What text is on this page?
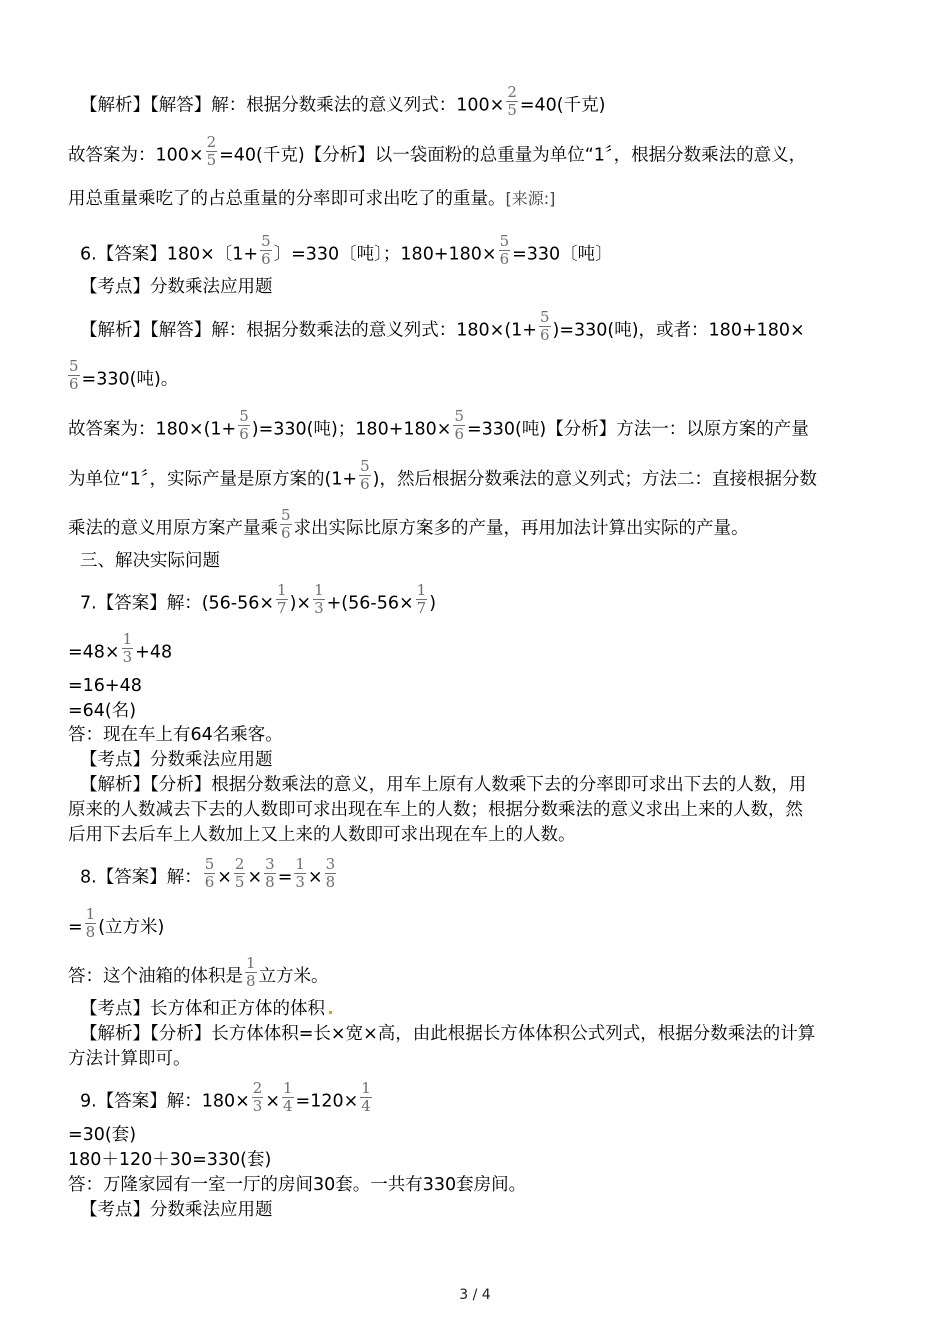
【解析】【解答】解：根据分数乘法的意义列式：$100\times \frac{2}{5} =40$(千克)
故答案为：$100\times \frac{2}{5} =40$(千克)【分析】以一袋面粉的总重量为单位“1〞，根据分数乘法的意义，
用总重量乘吃了的占总重量的分率即可求出吃了的重量。[来源:]
6.【答案】180×〔$1+ \frac{5}{6}$ 〕=330〔吨〕；$180+180\times \frac{5}{6} =330$〔吨〕
【考点】分数乘法应用题
【解析】【解答】解：根据分数乘法的意义列式：$180\times(1+ \frac{5}{6} )=330$(吨)，或者：180+180×
$\frac{5}{6} =330$(吨)。
故答案为：$180\times(1+ \frac{5}{6} )=330$(吨)；$180+180\times \frac{5}{6} =330$(吨)【分析】方法一：以原方案的产量
为单位“1〞，实际产量是原方案的($1+ \frac{5}{6}$ )，然后根据分数乘法的意义列式；方法二：直接根据分数
乘法的意义用原方案产量乘 $\frac{5}{6}$ 求出实际比原方案多的产量，再用加法计算出实际的产量。
三、解决实际问题
7.【答案】解：($56-56\times \frac{1}{7}$ )× $\frac{1}{3} +(56-56\times \frac{1}{7}$ )
$=48\times \frac{1}{3} +48$
=16+48
=64(名)
答：现在车上有64名乘客。
【考点】分数乘法应用题
【解析】【分析】根据分数乘法的意义，用车上原有人数乘下去的分率即可求出下去的人数，用
原来的人数减去下去的人数即可求出现在车上的人数；根据分数乘法的意义求出上来的人数，然
后用下去后车上人数加上又上来的人数即可求出现在车上的人数。
8.【答案】解： $\frac{5}{6} \times \frac{2}{5} \times \frac{3}{8} = \frac{1}{3} \times \frac{3}{8}$
= $\frac{1}{8}$ (立方米)
答：这个油箱的体积是 $\frac{1}{8}$ 立方米。
【考点】长方体和正方体的体积
【解析】【分析】长方体体积=长×宽×高，由此根据长方体体积公式列式，根据分数乘法的计算
方法计算即可。
9.【答案】解：$180\times \frac{2}{3} \times \frac{1}{4} =120\times \frac{1}{4}$
=30(套)
180＋120＋30=330(套)
答：万隆家园有一室一厅的房间30套。一共有330套房间。
【考点】分数乘法应用题
3 / 4
